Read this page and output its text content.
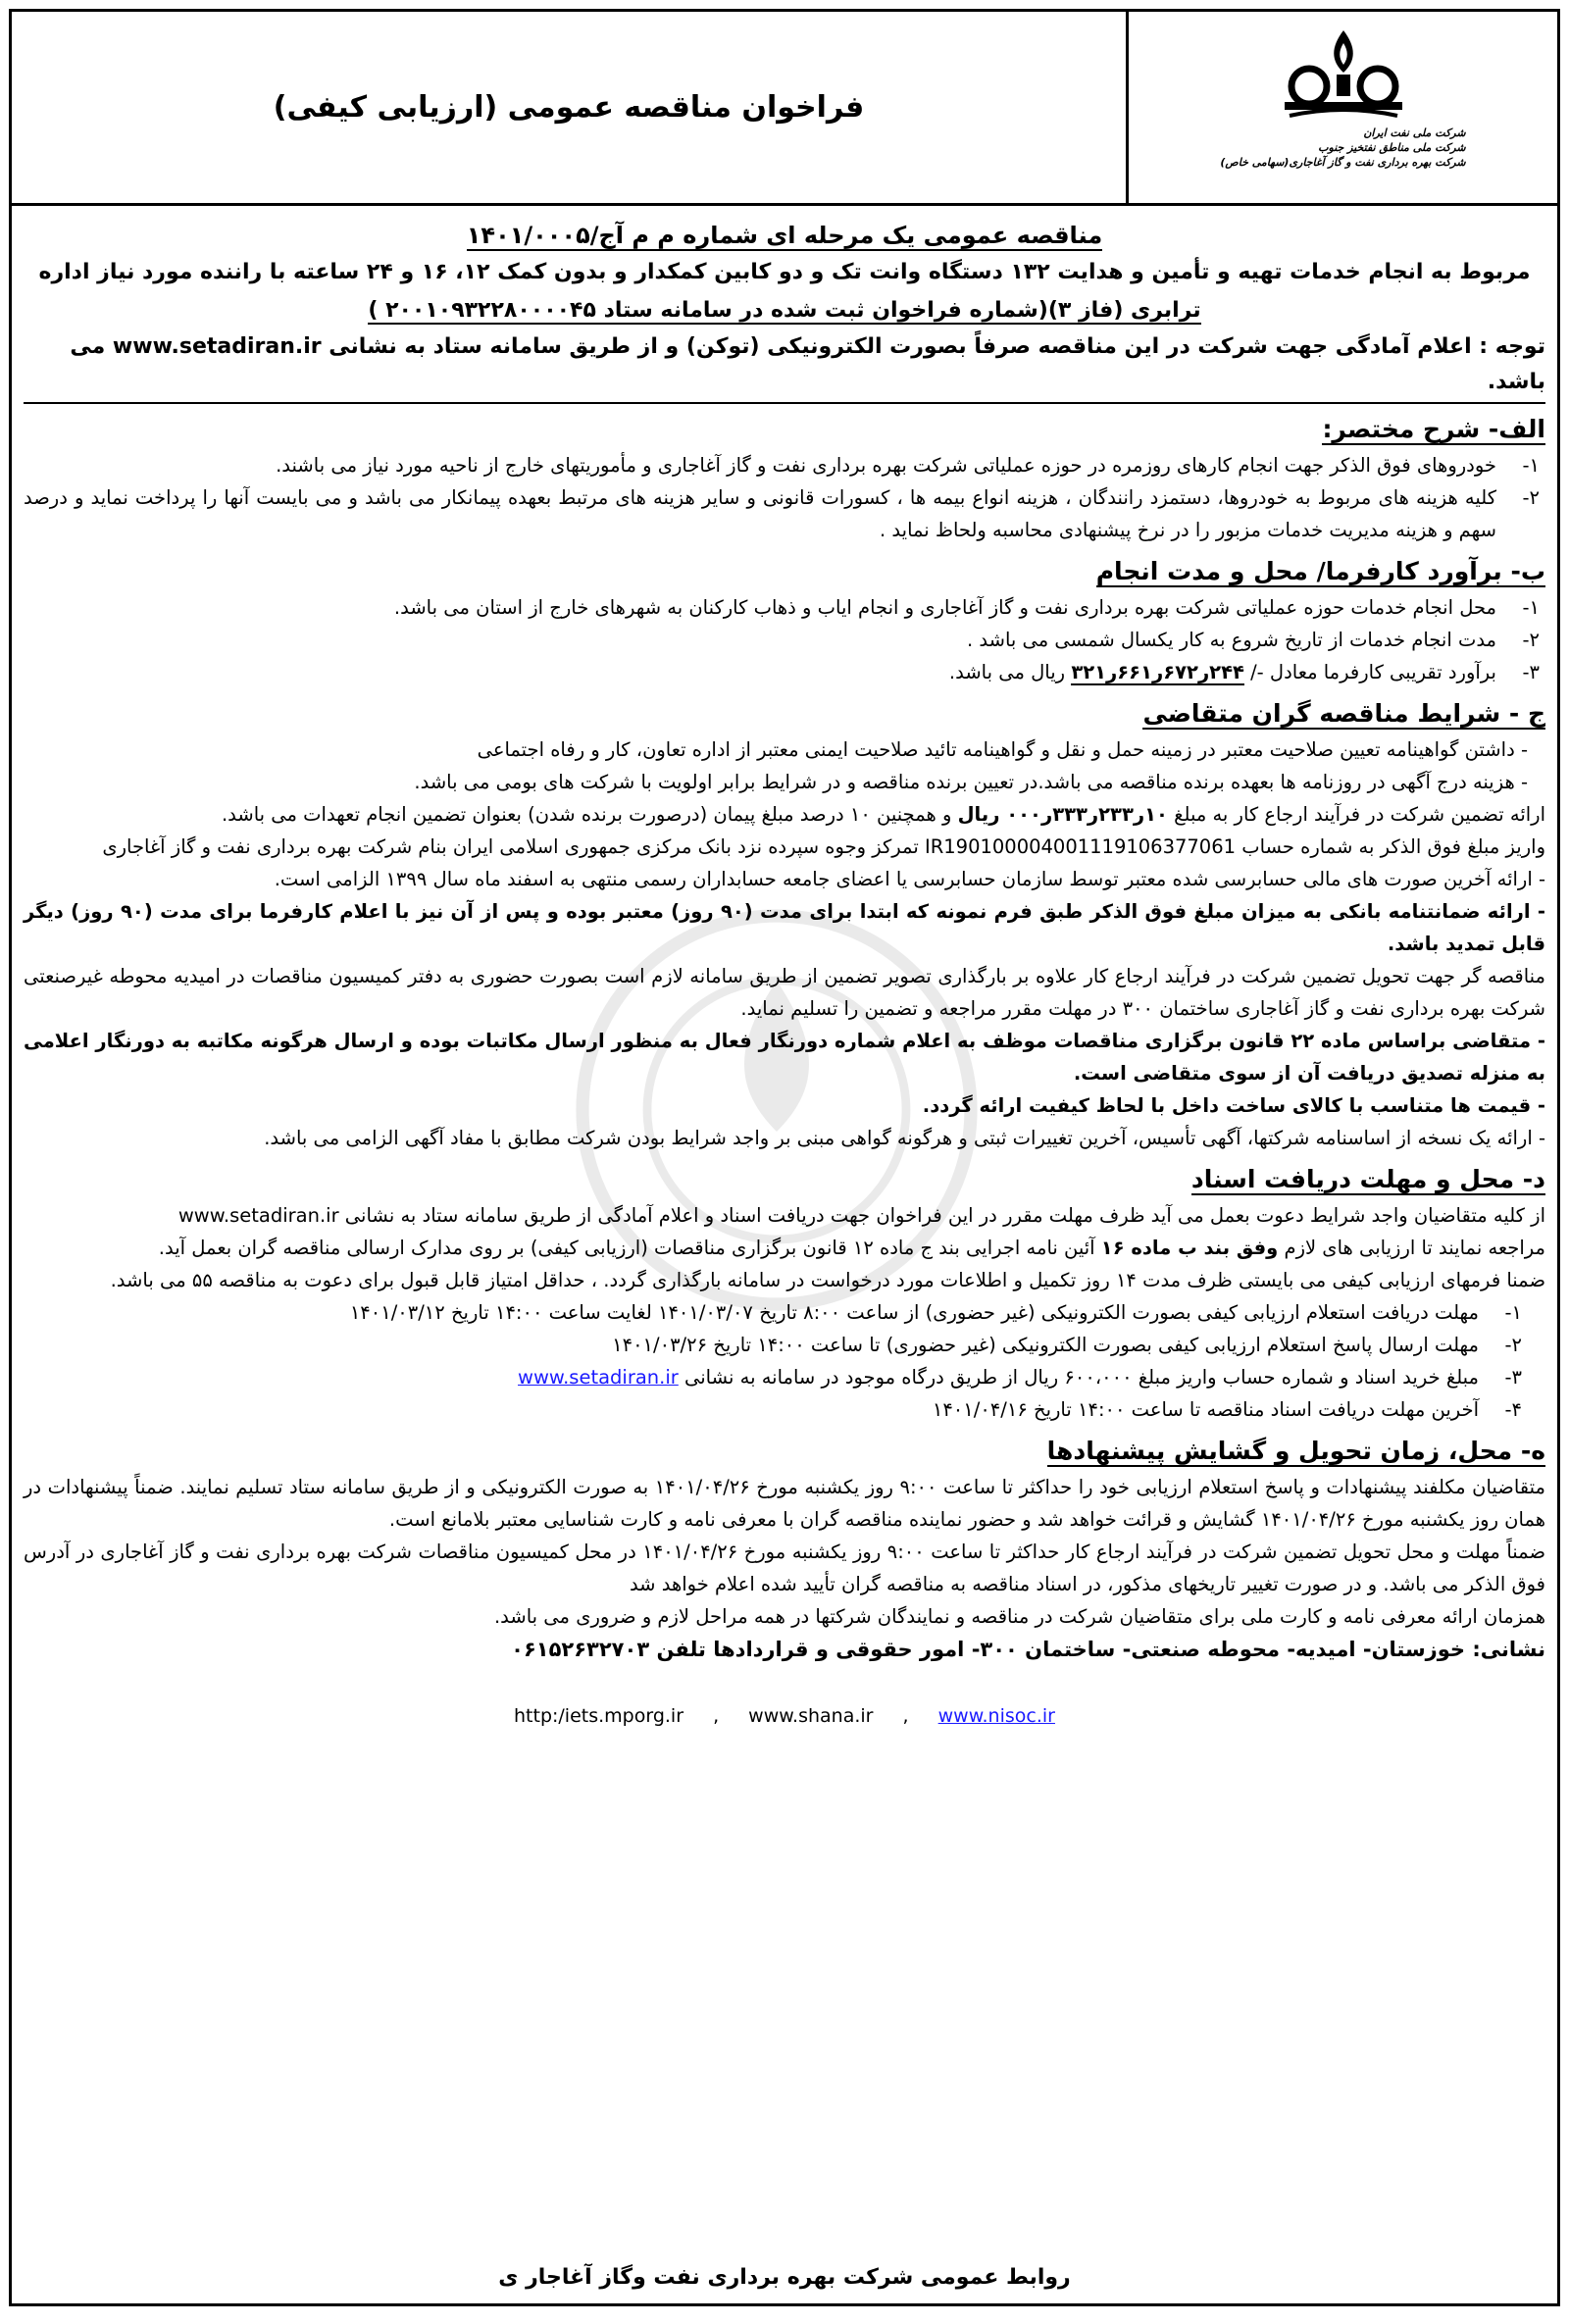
شرکت ملی نفت ایران
شرکت ملی مناطق نفتخیز جنوب
شرکت بهره برداری نفت و گاز آغاجاری(سهامی خاص)
فراخوان مناقصه عمومی (ارزیابی کیفی)
مناقصه عمومی یک مرحله ای شماره م م آج/۱۴۰۱/۰۰۰۵
مربوط به انجام خدمات تهیه و تأمین و هدایت ۱۳۲ دستگاه وانت تک و دو کابین کمکدار و بدون کمک ۱۲، ۱۶ و ۲۴ ساعته با راننده مورد نیاز اداره
ترابری (فاز ۳)(شماره فراخوان ثبت شده در سامانه ستاد ۲۰۰۱۰۹۳۲۲۸۰۰۰۰۴۵ )
توجه : اعلام آمادگی جهت شرکت در این مناقصه صرفاً بصورت الکترونیکی (توکن) و از طریق سامانه ستاد به نشانی www.setadiran.ir می باشد.
الف- شرح مختصر:
۱-
خودروهای فوق الذکر جهت انجام کارهای روزمره در حوزه عملیاتی شرکت بهره برداری نفت و گاز آغاجاری و مأموریتهای خارج از ناحیه مورد نیاز می باشند.
۲-
کلیه هزینه های مربوط به خودروها، دستمزد رانندگان ، هزینه انواع بیمه ها ، کسورات قانونی و سایر هزینه های مرتبط بعهده پیمانکار می باشد و می بایست آنها را پرداخت نماید و درصد سهم و هزینه مدیریت خدمات مزبور را در نرخ پیشنهادی محاسبه ولحاظ نماید .
ب- برآورد کارفرما/ محل و مدت انجام
۱-
محل انجام خدمات حوزه عملیاتی شرکت بهره برداری نفت و گاز آغاجاری و انجام ایاب و ذهاب کارکنان به شهرهای خارج از استان می باشد.
۲-
مدت انجام خدمات از تاریخ شروع به کار یکسال شمسی می باشد .
۳-
برآورد تقریبی کارفرما معادل -/ ۲۴۴ر۶۷۲ر۶۶۱ر۳۲۱ ریال می باشد.
ج - شرایط مناقصه گران متقاضی
- داشتن گواهینامه تعیین صلاحیت معتبر در زمینه حمل و نقل و گواهینامه تائید صلاحیت ایمنی معتبر از اداره تعاون، کار و رفاه اجتماعی
- هزینه درج آگهی در روزنامه ها بعهده برنده مناقصه می باشد.در تعیین برنده مناقصه و در شرایط برابر اولویت با شرکت های بومی می باشد.
ارائه تضمین شرکت در فرآیند ارجاع کار به مبلغ ۱۰ر۲۳۳ر۳۳۳ر۰۰۰ ریال و همچنین ۱۰ درصد مبلغ پیمان (درصورت برنده شدن) بعنوان تضمین انجام تعهدات می باشد.
واریز مبلغ فوق الذکر به شماره حساب IR190100004001119106377061 تمرکز وجوه سپرده نزد بانک مرکزی جمهوری اسلامی ایران بنام شرکت بهره برداری نفت و گاز آغاجاری
- ارائه آخرین صورت های مالی حسابرسی شده معتبر توسط سازمان حسابرسی یا اعضای جامعه حسابداران رسمی منتهی به اسفند ماه سال ۱۳۹۹ الزامی است.
- ارائه ضمانتنامه بانکی به میزان مبلغ فوق الذکر طبق فرم نمونه که ابتدا برای مدت (۹۰ روز) معتبر بوده و پس از آن نیز با اعلام کارفرما برای مدت (۹۰ روز) دیگر قابل تمدید باشد.
مناقصه گر جهت تحویل تضمین شرکت در فرآیند ارجاع کار علاوه بر بارگذاری تصویر تضمین از طریق سامانه لازم است بصورت حضوری به دفتر کمیسیون مناقصات در امیدیه محوطه غیرصنعتی شرکت بهره برداری نفت و گاز آغاجاری ساختمان ۳۰۰ در مهلت مقرر مراجعه و تضمین را تسلیم نماید.
- متقاضی براساس ماده ۲۲ قانون برگزاری مناقصات موظف به اعلام شماره دورنگار فعال به منظور ارسال مکاتبات بوده و ارسال هرگونه مکاتبه به دورنگار اعلامی به منزله تصدیق دریافت آن از سوی متقاضی است.
- قیمت ها متناسب با کالای ساخت داخل با لحاظ کیفیت ارائه گردد.
- ارائه یک نسخه از اساسنامه شرکتها، آگهی تأسیس، آخرین تغییرات ثبتی و هرگونه گواهی مبنی بر واجد شرایط بودن شرکت مطابق با مفاد آگهی الزامی می باشد.
د- محل و مهلت دریافت اسناد
از کلیه متقاضیان واجد شرایط دعوت بعمل می آید ظرف مهلت مقرر در این فراخوان جهت دریافت اسناد و اعلام آمادگی از طریق سامانه ستاد به نشانی www.setadiran.ir
مراجعه نمایند تا ارزیابی های لازم وفق بند ب ماده ۱۶ آئین نامه اجرایی بند ج ماده ۱۲ قانون برگزاری مناقصات (ارزیابی کیفی) بر روی مدارک ارسالی مناقصه گران بعمل آید.
ضمنا فرمهای ارزیابی کیفی می بایستی ظرف مدت ۱۴ روز تکمیل و اطلاعات مورد درخواست در سامانه بارگذاری گردد. ، حداقل امتیاز قابل قبول برای دعوت به مناقصه ۵۵ می باشد.
۱-
مهلت دریافت استعلام ارزیابی کیفی بصورت الکترونیکی (غیر حضوری) از ساعت ۸:۰۰ تاریخ ۱۴۰۱/۰۳/۰۷ لغایت ساعت ۱۴:۰۰ تاریخ ۱۴۰۱/۰۳/۱۲
۲-
مهلت ارسال پاسخ استعلام ارزیابی کیفی بصورت الکترونیکی (غیر حضوری) تا ساعت ۱۴:۰۰ تاریخ ۱۴۰۱/۰۳/۲۶
۳-
مبلغ خرید اسناد و شماره حساب واریز مبلغ ۶۰۰،۰۰۰ ریال از طریق درگاه موجود در سامانه به نشانی www.setadiran.ir
۴-
آخرین مهلت دریافت اسناد مناقصه تا ساعت ۱۴:۰۰ تاریخ ۱۴۰۱/۰۴/۱۶
ه- محل، زمان تحویل و گشایش پیشنهادها
متقاضیان مکلفند پیشنهادات و پاسخ استعلام ارزیابی خود را حداکثر تا ساعت ۹:۰۰ روز یکشنبه مورخ ۱۴۰۱/۰۴/۲۶ به صورت الکترونیکی و از طریق سامانه ستاد تسلیم نمایند. ضمناً پیشنهادات در همان روز یکشنبه مورخ ۱۴۰۱/۰۴/۲۶ گشایش و قرائت خواهد شد و حضور نماینده مناقصه گران با معرفی نامه و کارت شناسایی معتبر بلامانع است.
ضمناً مهلت و محل تحویل تضمین شرکت در فرآیند ارجاع کار حداکثر تا ساعت ۹:۰۰ روز یکشنبه مورخ ۱۴۰۱/۰۴/۲۶ در محل کمیسیون مناقصات شرکت بهره برداری نفت و گاز آغاجاری در آدرس فوق الذکر می باشد. و در صورت تغییر تاریخهای مذکور، در اسناد مناقصه به مناقصه گران تأیید شده اعلام خواهد شد
همزمان ارائه معرفی نامه و کارت ملی برای متقاضیان شرکت در مناقصه و نمایندگان شرکتها در همه مراحل لازم و ضروری می باشد.
نشانی: خوزستان- امیدیه- محوطه صنعتی- ساختمان ۳۰۰- امور حقوقی و قراردادها تلفن ۰۶۱۵۲۶۳۲۷۰۳
http:/iets.mporg.ir , www.shana.ir , www.nisoc.ir
روابط عمومی شرکت بهره برداری نفت وگاز آغاجار ی
